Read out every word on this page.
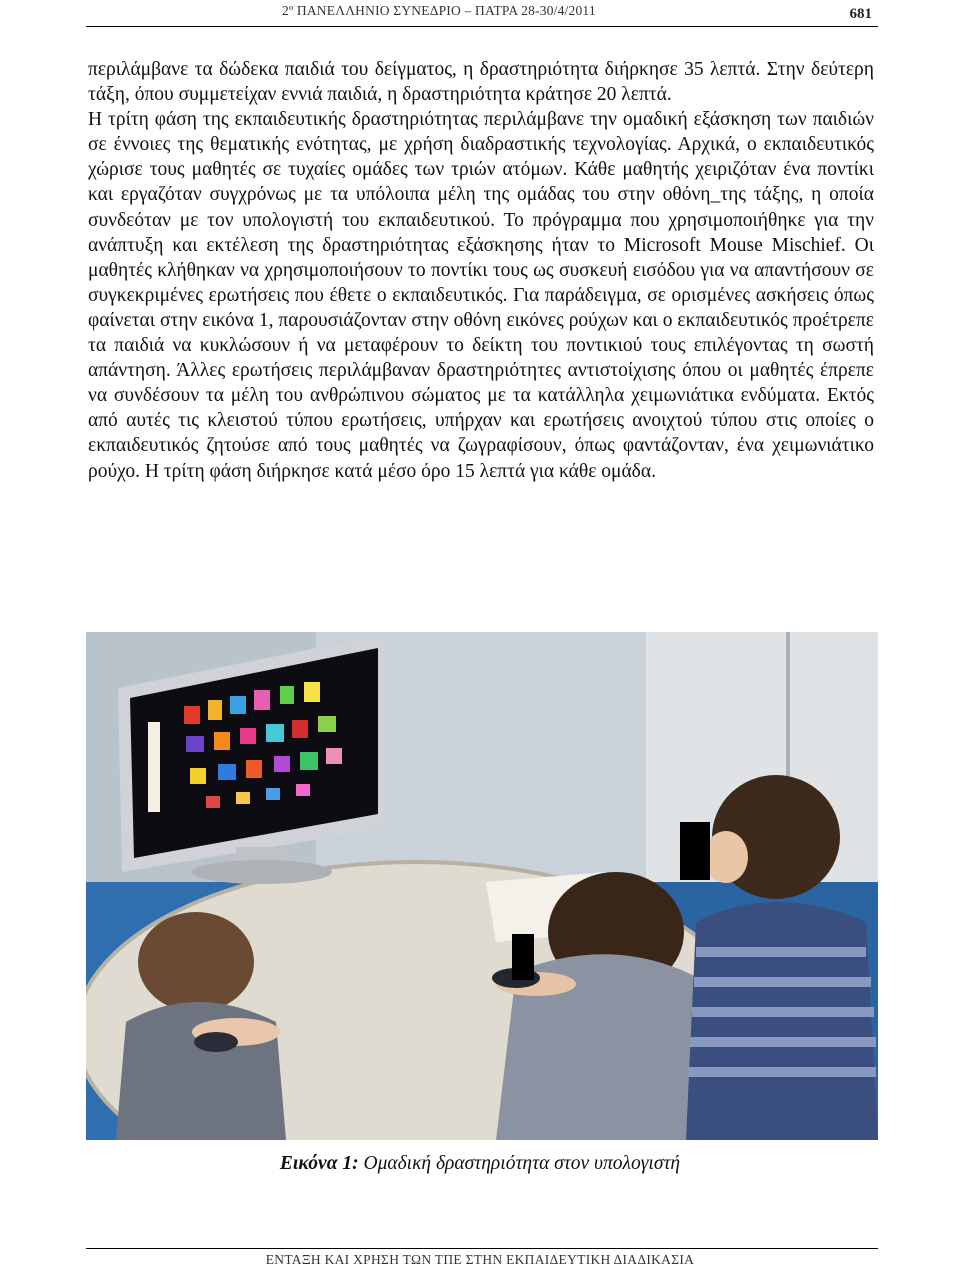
2º ΠΑΝΕΛΛΗΝΙΟ ΣΥΝΕΔΡΙΟ – ΠΑΤΡΑ 28-30/4/2011	681

περιλάμβανε τα δώδεκα παιδιά του δείγματος, η δραστηριότητα διήρκησε 35 λεπτά. Στην δεύτερη τάξη, όπου συμμετείχαν εννιά παιδιά, η δραστηριότητα κράτησε 20 λεπτά.

Η τρίτη φάση της εκπαιδευτικής δραστηριότητας περιλάμβανε την ομαδική εξάσκηση των παιδιών σε έννοιες της θεματικής ενότητας, με χρήση διαδραστικής τεχνολογίας. Αρχικά, ο εκπαιδευτικός χώρισε τους μαθητές σε τυχαίες ομάδες των τριών ατόμων. Κάθε μαθητής χειριζόταν ένα ποντίκι και εργαζόταν συγχρόνως με τα υπόλοιπα μέλη της ομάδας του στην οθόνη_της τάξης, η οποία συνδεόταν με τον υπολογιστή του εκπαιδευτικού. Το πρόγραμμα που χρησιμοποιήθηκε για την ανάπτυξη και εκτέλεση της δραστηριότητας εξάσκησης ήταν το Microsoft Mouse Mischief. Οι μαθητές κλήθηκαν να χρησιμοποιήσουν το ποντίκι τους ως συσκευή εισόδου για να απαντήσουν σε συγκεκριμένες ερωτήσεις που έθετε ο εκπαιδευτικός. Για παράδειγμα, σε ορισμένες ασκήσεις όπως φαίνεται στην εικόνα 1, παρουσιάζονταν στην οθόνη εικόνες ρούχων και ο εκπαιδευτικός προέτρεπε τα παιδιά να κυκλώσουν ή να μεταφέρουν το δείκτη του ποντικιού τους επιλέγοντας τη σωστή απάντηση. Άλλες ερωτήσεις περιλάμβαναν δραστηριότητες αντιστοίχισης όπου οι μαθητές έπρεπε να συνδέσουν τα μέλη του ανθρώπινου σώματος με τα κατάλληλα χειμωνιάτικα ενδύματα. Εκτός από αυτές τις κλειστού τύπου ερωτήσεις, υπήρχαν και ερωτήσεις ανοιχτού τύπου στις οποίες ο εκπαιδευτικός ζητούσε από τους μαθητές να ζωγραφίσουν, όπως φαντάζονταν, ένα χειμωνιάτικο ρούχο. Η τρίτη φάση διήρκησε κατά μέσο όρο 15 λεπτά για κάθε ομάδα.

Εικόνα 1: Ομαδική δραστηριότητα στον υπολογιστή
ΕΝΤΑΞΗ ΚΑΙ ΧΡΗΣΗ ΤΩΝ ΤΠΕ ΣΤΗΝ ΕΚΠΑΙΔΕΥΤΙΚΗ ΔΙΑΔΙΚΑΣΙΑ
